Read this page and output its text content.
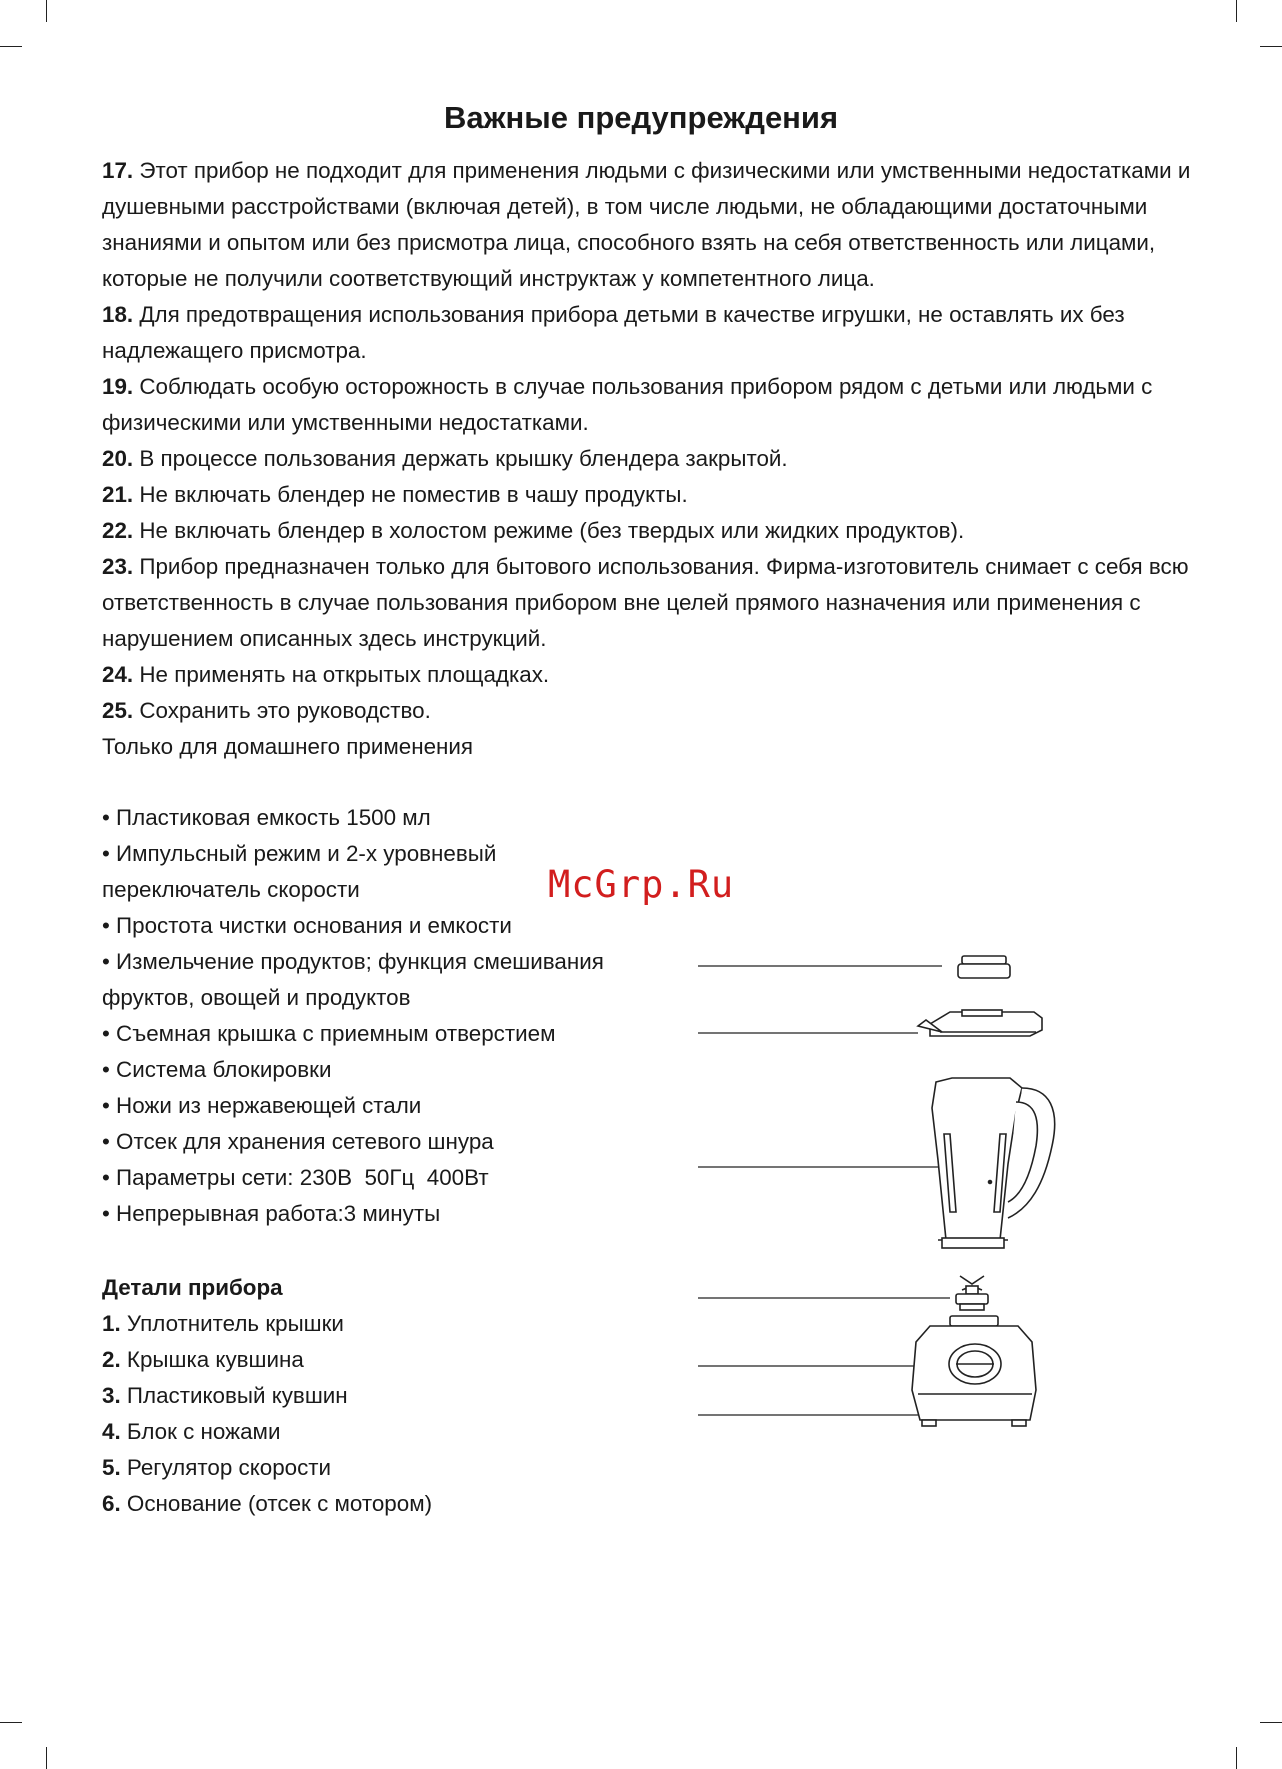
Важные предупреждения

17. Этот прибор не подходит для применения людьми с физическими или умственными недостатками и душевными расстройствами (включая детей), в том числе людьми, не обладающими достаточными знаниями и опытом или без присмотра лица, способного взять на себя ответственность или лицами, которые не получили соответствующий инструктаж у компетентного лица.

18. Для предотвращения использования прибора детьми в качестве игрушки, не оставлять их без надлежащего присмотра.

19. Соблюдать особую осторожность в случае пользования прибором рядом с детьми или людьми с физическими или умственными недостатками.

20. В процессе пользования держать крышку блендера закрытой.

21. Не включать блендер не поместив в чашу продукты.

22. Не включать блендер в холостом режиме (без твердых или жидких продуктов).

23. Прибор предназначен только для бытового использования. Фирма-изготовитель снимает с себя всю ответственность в случае пользования прибором вне целей прямого назначения или применения с нарушением описанных здесь инструкций.

24. Не применять на открытых площадках.

25. Сохранить это руководство.

Только для домашнего применения

• Пластиковая емкость 1500 мл

• Импульсный режим и 2-х уровневый переключатель скорости

• Простота чистки основания и емкости

• Измельчение продуктов; функция смешивания фруктов, овощей и продуктов

• Съемная крышка с приемным отверстием

• Система блокировки

• Ножи из нержавеющей стали

• Отсек для хранения сетевого шнура

• Параметры сети: 230В  50Гц  400Вт

• Непрерывная работа:3 минуты

McGrp.Ru

Детали прибора

1. Уплотнитель крышки

2. Крышка кувшина

3. Пластиковый кувшин

4. Блок с ножами

5. Регулятор скорости

6. Основание (отсек с мотором)
